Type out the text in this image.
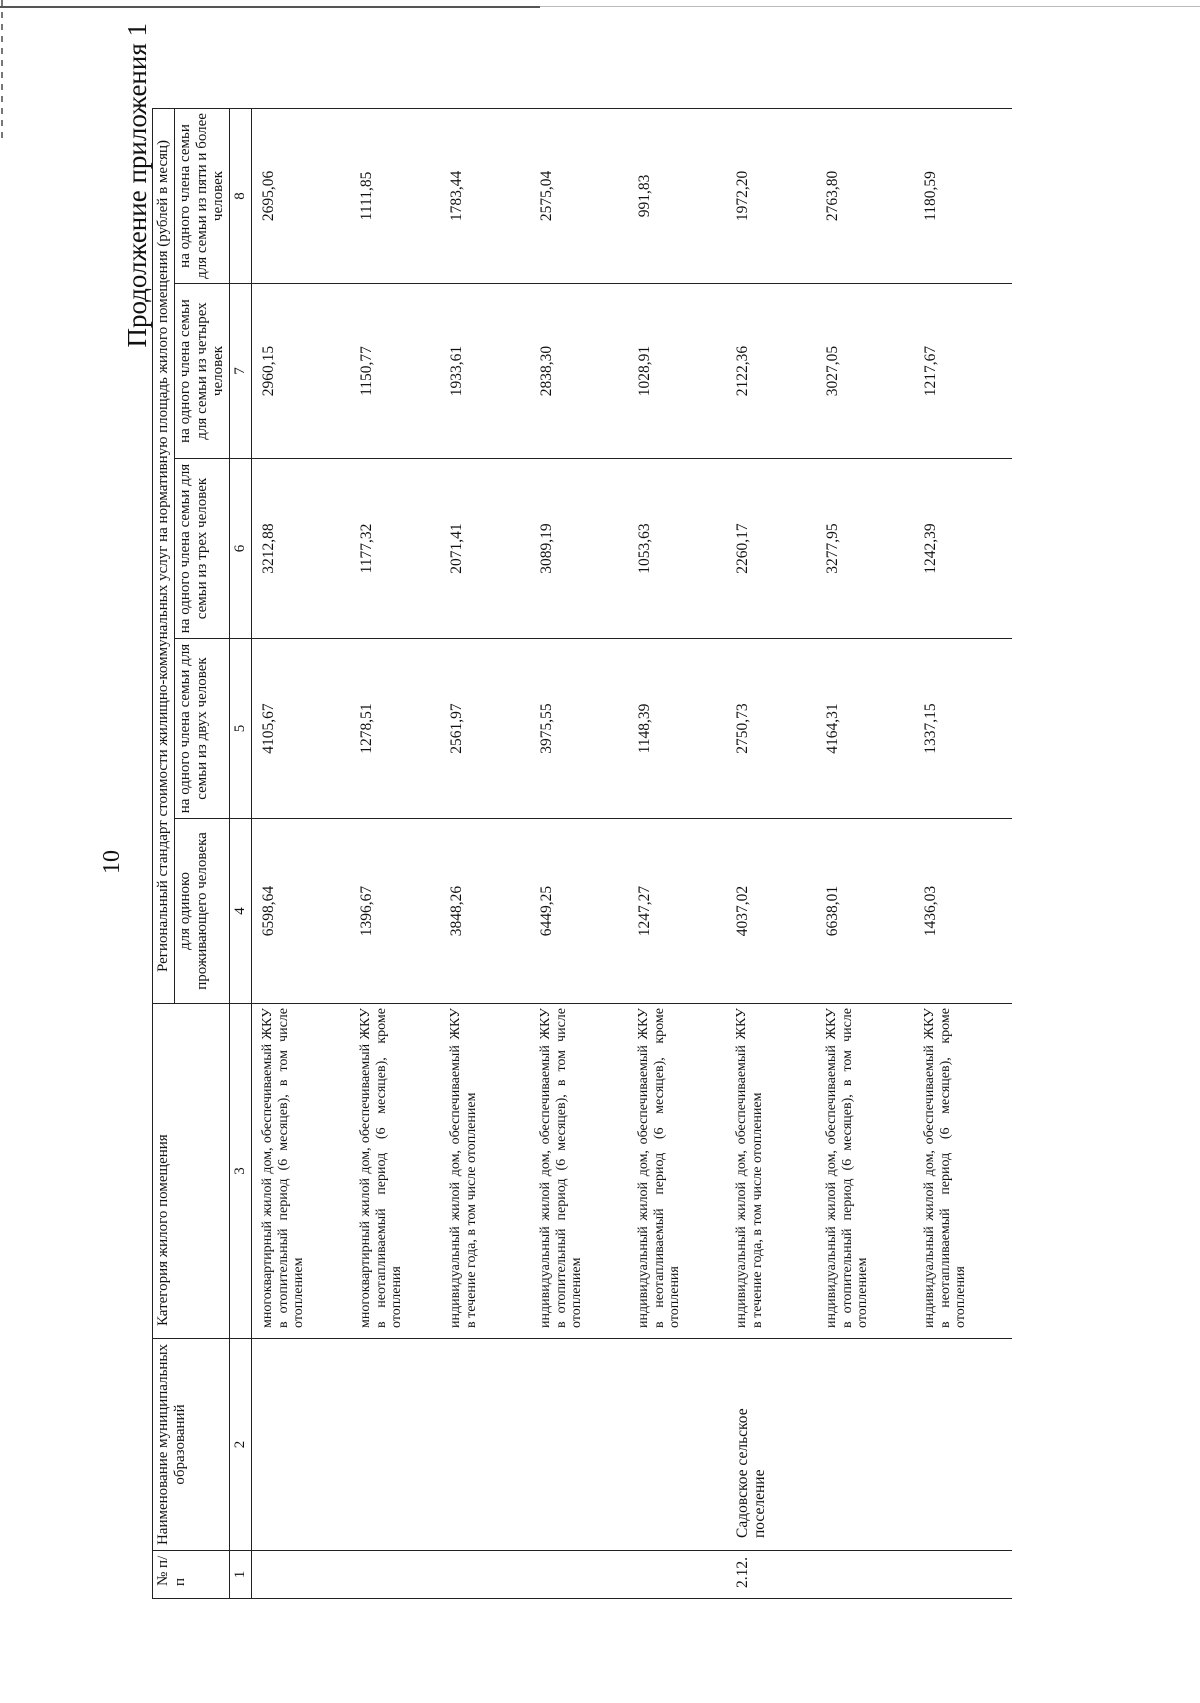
10
Продолжение приложения 1
№ п/п	Наименование муниципальных образований	Категория жилого помещения	Региональный стандарт стоимости жилищно-коммунальных услуг на нормативную площадь жилого помещения (рублей в месяц)				
			для одиноко проживающего человека	на одного члена семьи для семьи из двух человек	на одного члена семьи для семьи из трех человек	на одного члена семьи для семьи из четырех человек	на одного члена семьи для семьи из пяти и более человек
1	2	3	4	5	6	7	8
		многоквартирный жилой дом, обеспечиваемый ЖКУ в отопительный период (6 месяцев), в том числе отоплением	6598,64	4105,67	3212,88	2960,15	2695,06
		многоквартирный жилой дом, обеспечиваемый ЖКУ в неотапливаемый период (6 месяцев), кроме отопления	1396,67	1278,51	1177,32	1150,77	1111,85
		индивидуальный жилой дом, обеспечиваемый ЖКУ в течение года, в том числе отоплением	3848,26	2561,97	2071,41	1933,61	1783,44
		индивидуальный жилой дом, обеспечиваемый ЖКУ в отопительный период (6 месяцев), в том числе отоплением	6449,25	3975,55	3089,19	2838,30	2575,04
		индивидуальный жилой дом, обеспечиваемый ЖКУ в неотапливаемый период (6 месяцев), кроме отопления	1247,27	1148,39	1053,63	1028,91	991,83
2.12.	Садовское сельское поселение	индивидуальный жилой дом, обеспечиваемый ЖКУ в течение года, в том числе отоплением	4037,02	2750,73	2260,17	2122,36	1972,20
		индивидуальный жилой дом, обеспечиваемый ЖКУ в отопительный период (6 месяцев), в том числе отоплением	6638,01	4164,31	3277,95	3027,05	2763,80
		индивидуальный жилой дом, обеспечиваемый ЖКУ в неотапливаемый период (6 месяцев), кроме отопления	1436,03	1337,15	1242,39	1217,67	1180,59
